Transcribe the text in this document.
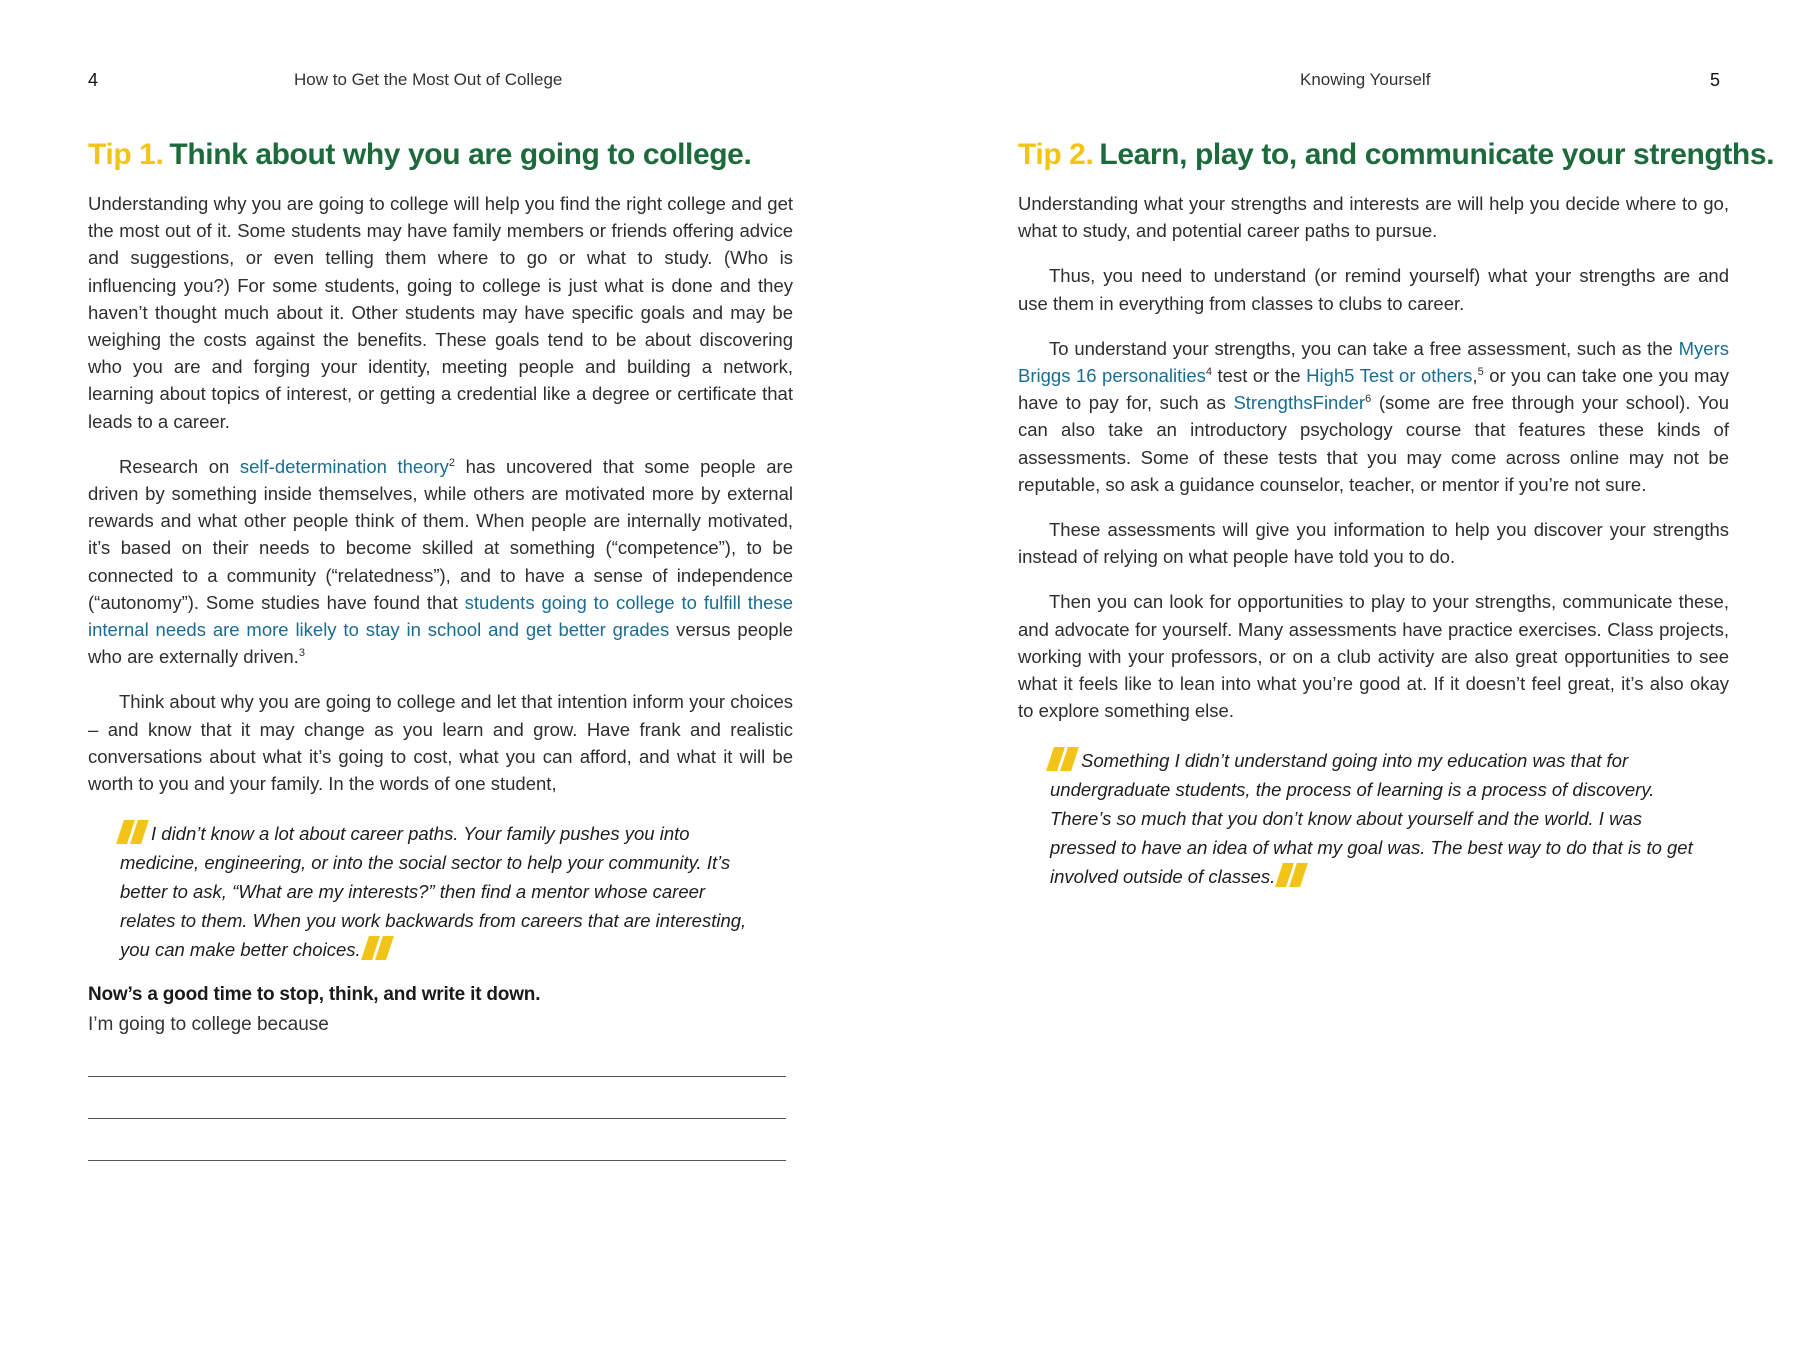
4	How to Get the Most Out of College
Tip 1. Think about why you are going to college.

Understanding why you are going to college will help you find the right college and get the most out of it. Some students may have family members or friends offering advice and suggestions, or even telling them where to go or what to study. (Who is influencing you?) For some students, going to college is just what is done and they haven’t thought much about it. Other students may have specific goals and may be weighing the costs against the benefits. These goals tend to be about discovering who you are and forging your identity, meeting people and building a network, learning about topics of interest, or getting a credential like a degree or certificate that leads to a career.

Research on self-determination theory$^2$ has uncovered that some people are driven by something inside themselves, while others are motivated more by external rewards and what other people think of them. When people are internally motivated, it’s based on their needs to become skilled at something (“competence”), to be connected to a community (“relatedness”), and to have a sense of independence (“autonomy”). Some studies have found that students going to college to fulfill these internal needs are more likely to stay in school and get better grades versus people who are externally driven.$^3$

Think about why you are going to college and let that intention inform your choices – and know that it may change as you learn and grow. Have frank and realistic conversations about what it’s going to cost, what you can afford, and what it will be worth to you and your family. In the words of one student,

I didn’t know a lot about career paths. Your family pushes you into medicine, engineering, or into the social sector to help your community. It’s better to ask, “What are my interests?” then find a mentor whose career relates to them. When you work backwards from careers that are interesting, you can make better choices.

Now’s a good time to stop, think, and write it down.

I’m going to college because

Knowing Yourself	5
Tip 2. Learn, play to, and communicate your strengths.

Understanding what your strengths and interests are will help you decide where to go, what to study, and potential career paths to pursue.

Thus, you need to understand (or remind yourself) what your strengths are and use them in everything from classes to clubs to career.

To understand your strengths, you can take a free assessment, such as the Myers Briggs 16 personalities$^4$ test or the High5 Test or others,$^5$ or you can take one you may have to pay for, such as StrengthsFinder$^6$ (some are free through your school). You can also take an introductory psychology course that features these kinds of assessments. Some of these tests that you may come across online may not be reputable, so ask a guidance counselor, teacher, or mentor if you’re not sure.

These assessments will give you information to help you discover your strengths instead of relying on what people have told you to do.

Then you can look for opportunities to play to your strengths, communicate these, and advocate for yourself. Many assessments have practice exercises. Class projects, working with your professors, or on a club activity are also great opportunities to see what it feels like to lean into what you’re good at. If it doesn’t feel great, it’s also okay to explore something else.

Something I didn’t understand going into my education was that for undergraduate students, the process of learning is a process of discovery. There’s so much that you don’t know about yourself and the world. I was pressed to have an idea of what my goal was. The best way to do that is to get involved outside of classes.
